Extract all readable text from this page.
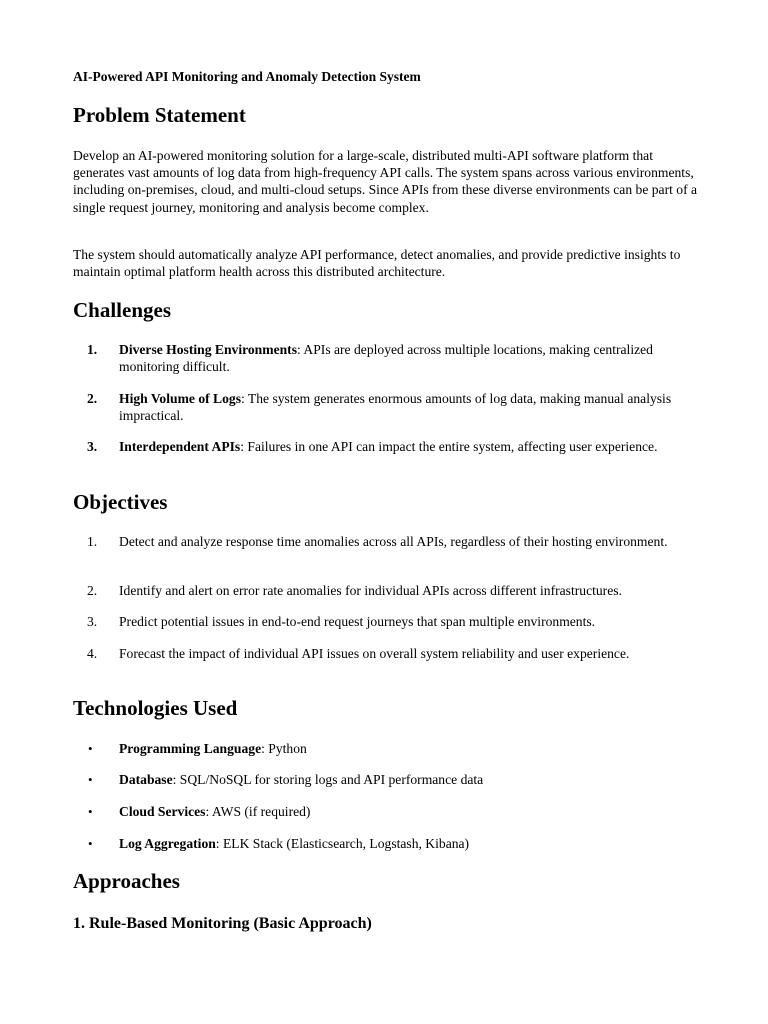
AI-Powered API Monitoring and Anomaly Detection System
Problem Statement
Develop an AI-powered monitoring solution for a large-scale, distributed multi-API software platform that generates vast amounts of log data from high-frequency API calls. The system spans across various environments, including on-premises, cloud, and multi-cloud setups. Since APIs from these diverse environments can be part of a single request journey, monitoring and analysis become complex.
The system should automatically analyze API performance, detect anomalies, and provide predictive insights to maintain optimal platform health across this distributed architecture.
Challenges
1.	Diverse Hosting Environments: APIs are deployed across multiple locations, making centralized monitoring difficult.
2.	High Volume of Logs: The system generates enormous amounts of log data, making manual analysis impractical.
3.	Interdependent APIs: Failures in one API can impact the entire system, affecting user experience.
Objectives
1.	Detect and analyze response time anomalies across all APIs, regardless of their hosting environment.
2.	Identify and alert on error rate anomalies for individual APIs across different infrastructures.
3.	Predict potential issues in end-to-end request journeys that span multiple environments.
4.	Forecast the impact of individual API issues on overall system reliability and user experience.
Technologies Used
•	Programming Language: Python
•	Database: SQL/NoSQL for storing logs and API performance data
•	Cloud Services: AWS (if required)
•	Log Aggregation: ELK Stack (Elasticsearch, Logstash, Kibana)
Approaches
1. Rule-Based Monitoring (Basic Approach)
